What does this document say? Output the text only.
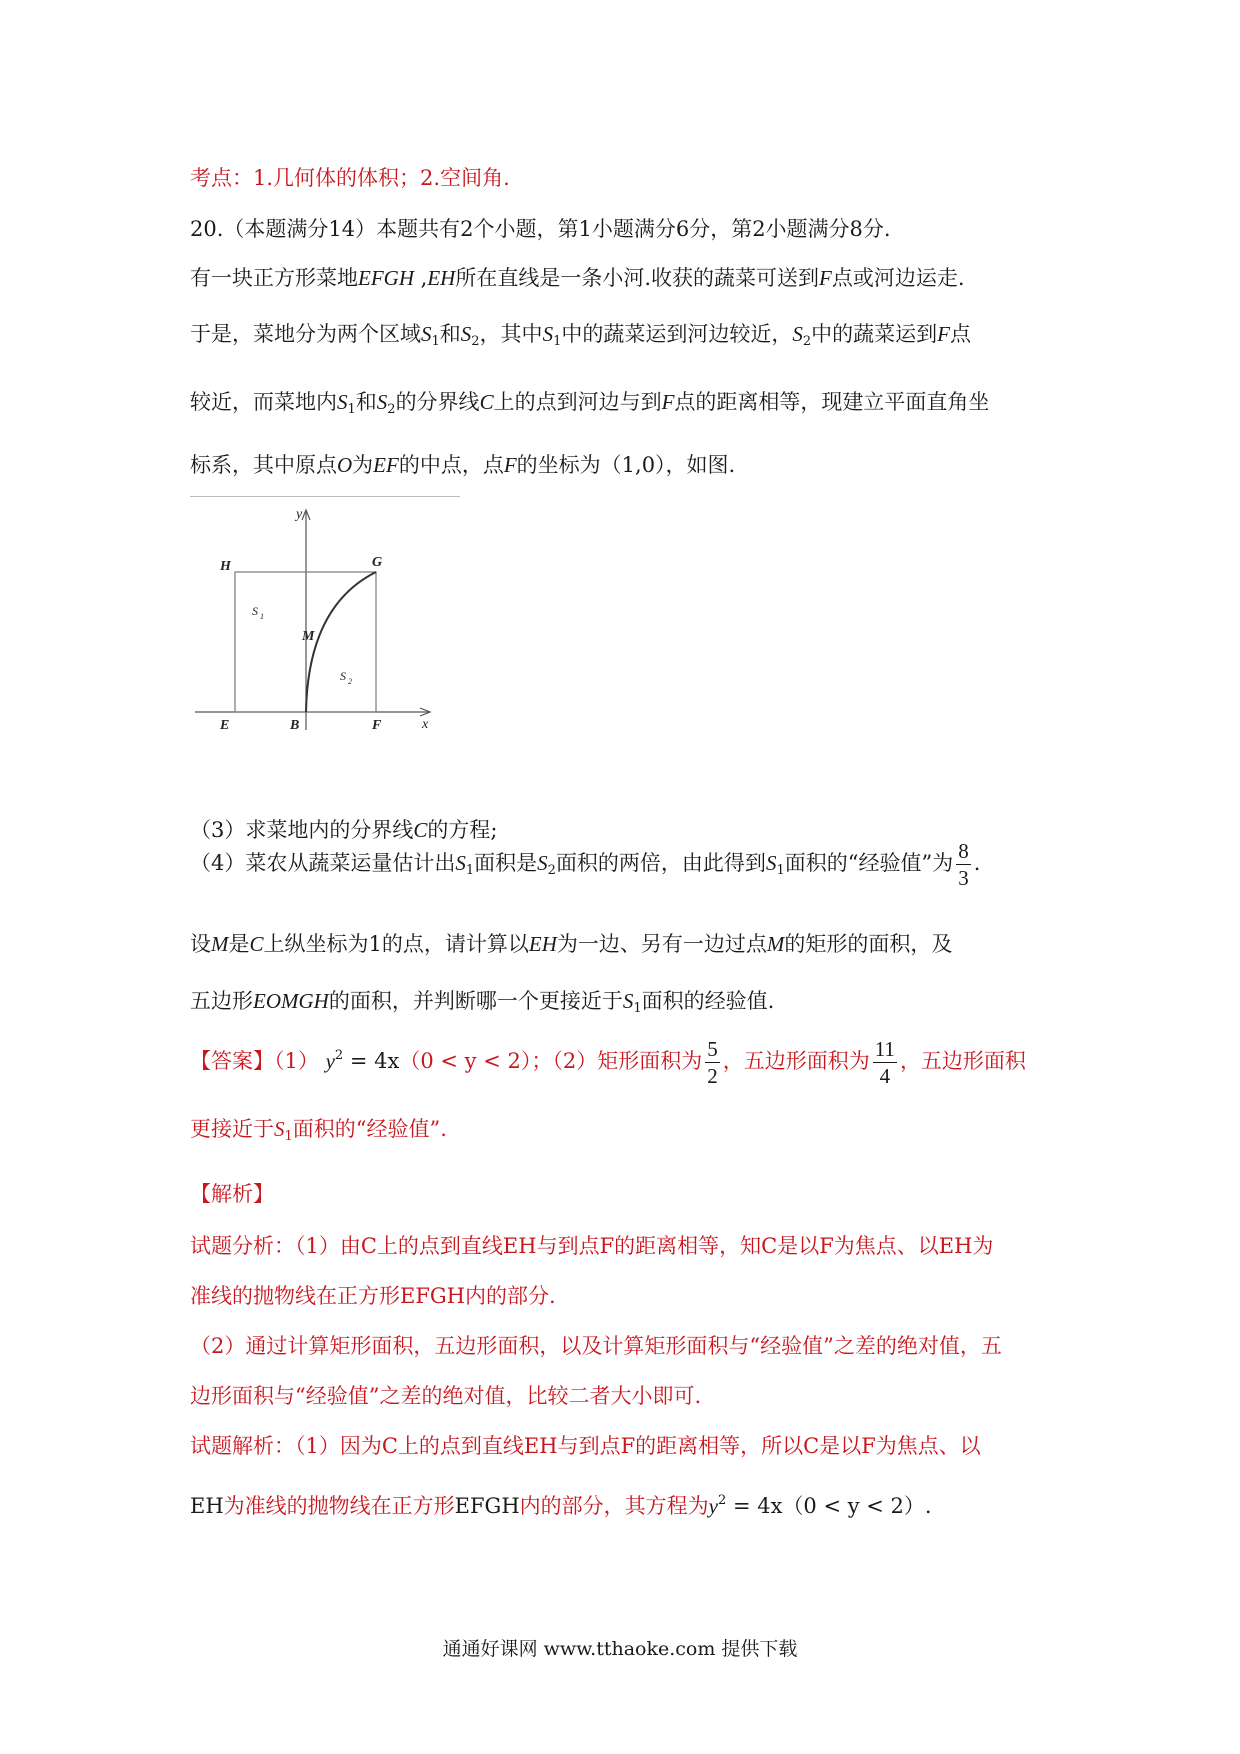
考点：1.几何体的体积；2.空间角.
20.（本题满分14）本题共有2个小题，第1小题满分6分，第2小题满分8分.
有一块正方形菜地EFGH ,EH所在直线是一条小河.收获的蔬菜可送到F点或河边运走.
于是，菜地分为两个区域$S_1$和$S_2$，其中$S_1$中的蔬菜运到河边较近，$S_2$中的蔬菜运到F点
较近，而菜地内$S_1$和$S_2$的分界线C上的点到河边与到F点的距离相等，现建立平面直角坐
标系，其中原点O为EF的中点，点F的坐标为（1,0），如图.
y
x
H	G
M
E	B	F
S 1
S 2
（3）求菜地内的分界线C的方程;
（4）菜农从蔬菜运量估计出$S_1$面积是$S_2$面积的两倍，由此得到$S_1$面积的“经验值”为 $\frac{8}{3}$ .
设M是C上纵坐标为1的点，请计算以EH为一边、另有一边过点M的矩形的面积，及
五边形EOMGH的面积，并判断哪一个更接近于$S_1$面积的经验值.
【答案】（1） $y^2 = 4x(0 < y < 2)$；（2）矩形面积为 $\frac{5}{2}$ ，五边形面积为 $\frac{11}{4}$ ，五边形面积
更接近于$S_1$面积的“经验值”.
【解析】
试题分析：（1）由C上的点到直线EH与到点F的距离相等，知C是以F为焦点、以EH为
准线的抛物线在正方形EFGH内的部分.
（2）通过计算矩形面积，五边形面积，以及计算矩形面积与“经验值”之差的绝对值，五
边形面积与“经验值”之差的绝对值，比较二者大小即可.
试题解析：（1）因为C上的点到直线EH与到点F的距离相等，所以C是以F为焦点、以
EH为准线的抛物线在正方形EFGH内的部分，其方程为$y^2 = 4x(0 < y < 2)$.
通通好课网 www.tthaoke.com 提供下载
